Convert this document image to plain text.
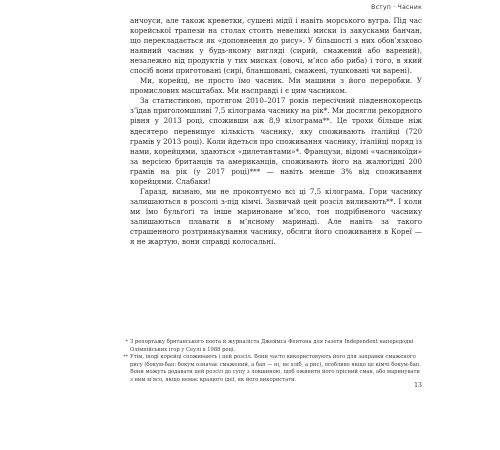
Вступ · Часник

анчоуси, але також креветки, сушені мідії і навіть морського вугра. Під час корейської трапези на столах стоять невеликі миски із закусками банчан, що перекладається як «доповнення до рису». У більшості з них обов’язково наявний часник у будь-якому вигляді (сирий, смажений або варений), незалежно від продуктів у тих мисках (овочі, м’ясо або риба) і того, в який спосіб вони приготовані (сирі, бланшовані, смажені, тушковані чи варені).

Ми, корейці, не просто їмо часник. Ми машини з його переробки. У промислових масштабах. Ми насправді і є цим часником.

За статистикою, протягом 2010–2017 років пересічний південнокореєць з’їдав приголомшливі 7,5 кілограма часнику на рік*. Ми досягли рекордного рівня у 2013 році, споживши аж 8,9 кілограма**. Це трохи більше ніж вдесятеро перевищує кількість часнику, яку споживають італійці (720 грамів у 2013 році). Коли йдеться про споживання часнику, італійці поряд із нами, корейцями, здаються «дилетантами»*. Французи, відомі «часникоїди» за версією британців та американців, споживають його на жалюгідні 200 грамів на рік (у 2017 році)*** — навіть менше 3% від споживання корейцями. Слабаки!

Гаразд, визнаю, ми не проковтуємо всі ці 7,5 кілограма. Гори часнику залишаються в розсолі з-під кімчі. Зазвичай цей розсіл виливають**. І коли ми їмо бульґоґі та інше мариноване м’ясо, тон подрібненого часнику залишаються плавати в м’ясному маринаді. Але навіть за такого страшенного розтринькування часнику, обсяги його споживання в Кореї — я не жартую, вони справді колосальні.

* З репортажу британського поета й журналіста Джеймса Фентона для газети Independent напередодні Олімпійських ігор у Сеулі в 1988 році.

** Утім, іноді корейці споживають і цей розсіл. Вони часто використовують його для заправки смаженого рису (бокум-бап: бокум означає смажений, а бап — ні, не хліб, а рис), особливо якщо це кімчі бокум-бап. Вони можуть додавати цей розсіл до супу з локшиною, щоб оживити його прісний смак, або маринувати з ним м’ясо, якщо немає кращого ідеї, як його використати.

13
